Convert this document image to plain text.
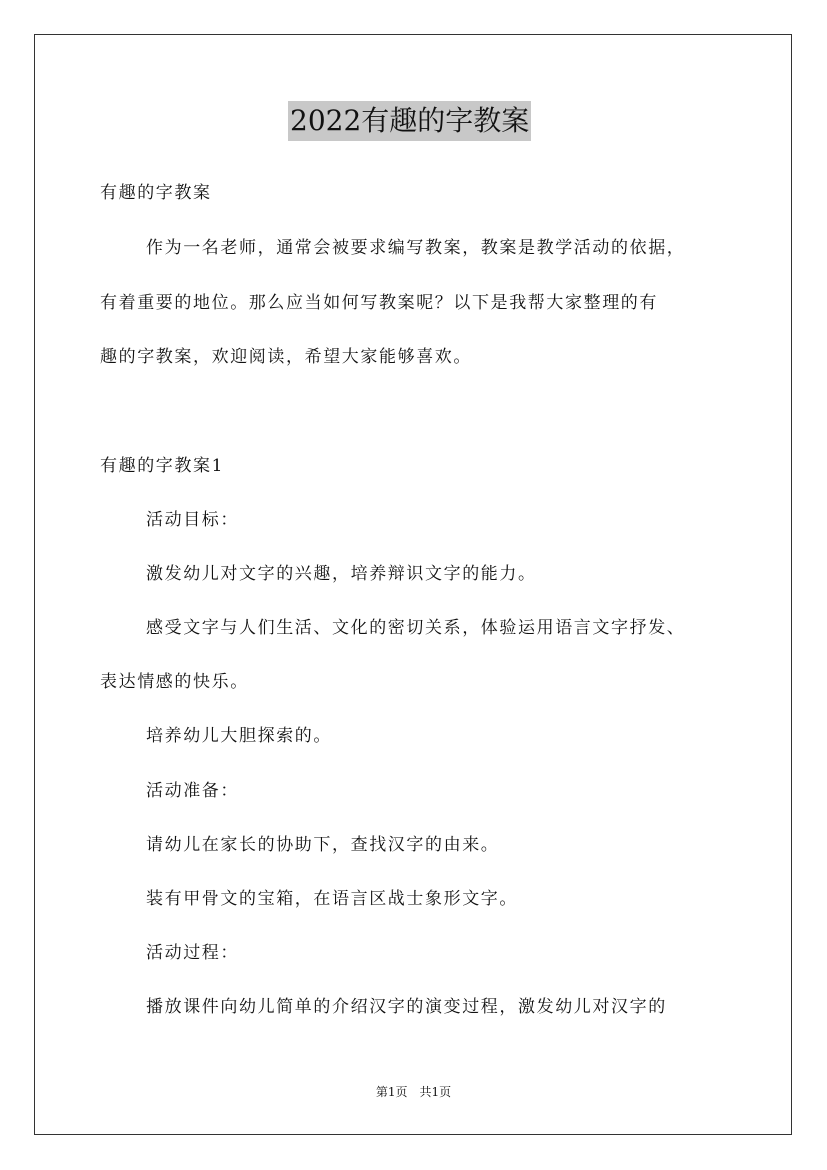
2022有趣的字教案
有趣的字教案
作为一名老师，通常会被要求编写教案，教案是教学活动的依据，
有着重要的地位。那么应当如何写教案呢？以下是我帮大家整理的有
趣的字教案，欢迎阅读，希望大家能够喜欢。
有趣的字教案1
活动目标：
激发幼儿对文字的兴趣，培养辩识文字的能力。
感受文字与人们生活、文化的密切关系，体验运用语言文字抒发、
表达情感的快乐。
培养幼儿大胆探索的。
活动准备：
请幼儿在家长的协助下，查找汉字的由来。
装有甲骨文的宝箱，在语言区战士象形文字。
活动过程：
播放课件向幼儿简单的介绍汉字的演变过程，激发幼儿对汉字的
第1页　共1页
